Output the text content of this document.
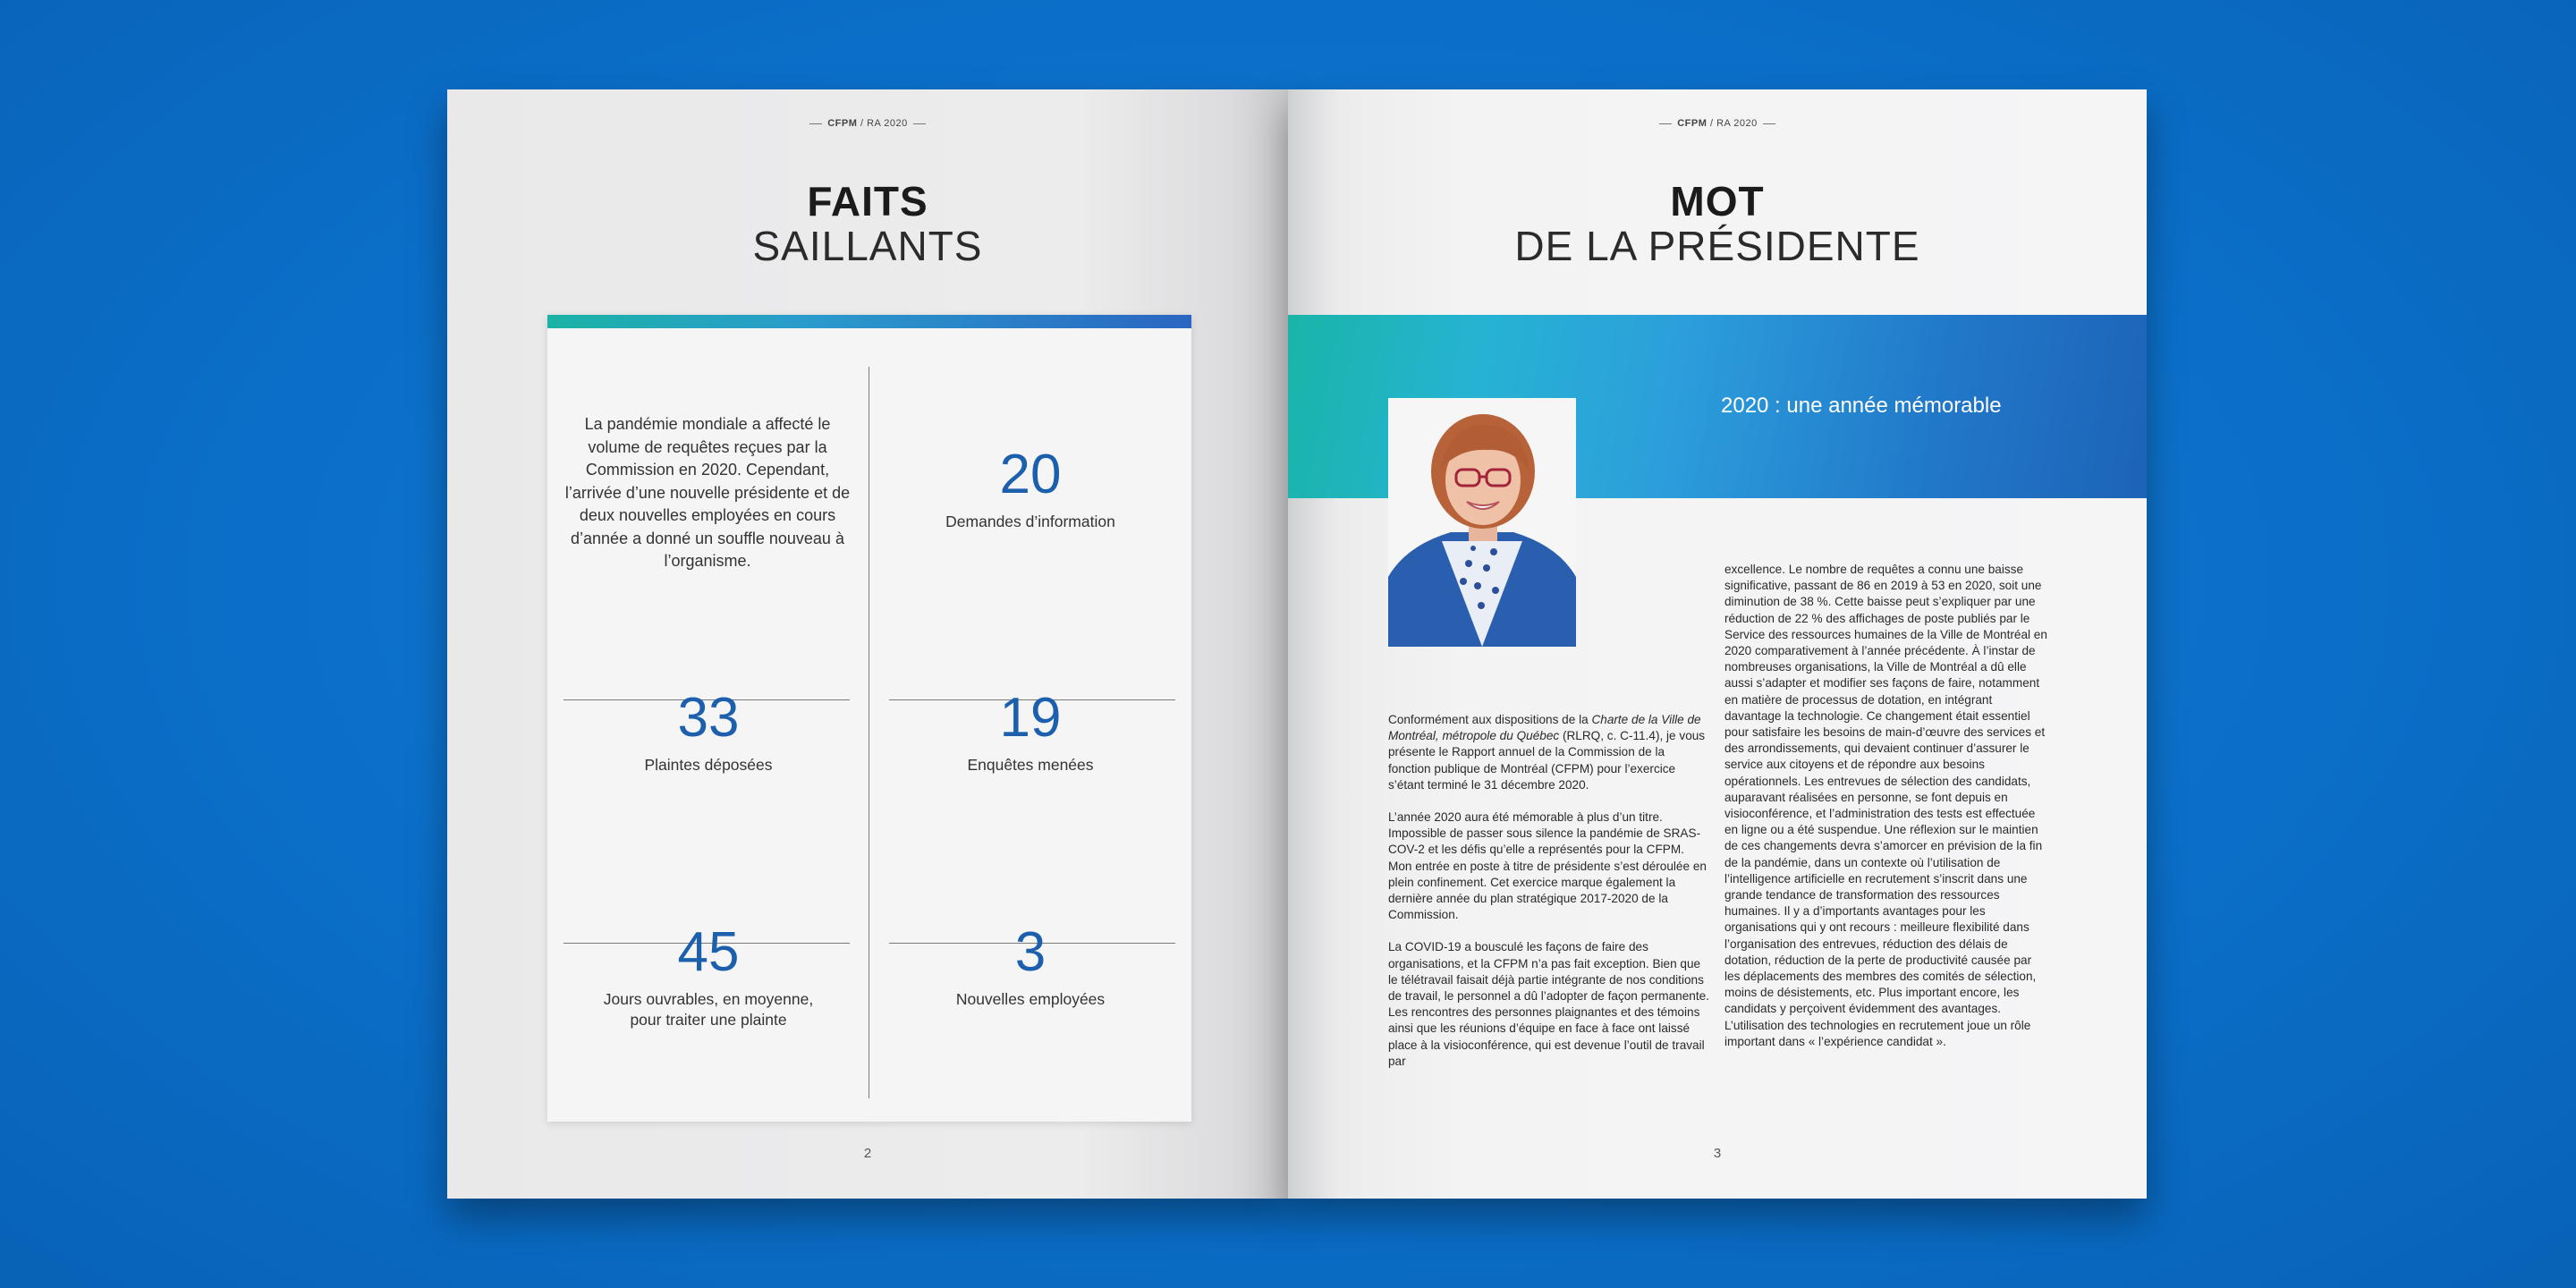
CFPM / RA 2020
FAITS
SAILLANTS
La pandémie mondiale a affecté le volume de requêtes reçues par la Commission en 2020. Cependant, l’arrivée d’une nouvelle présidente et de deux nouvelles employées en cours d’année a donné un souffle nouveau à l’organisme.
20
Demandes d’information
33
Plaintes déposées
19
Enquêtes menées
45
Jours ouvrables, en moyenne, pour traiter une plainte
3
Nouvelles employées
2
CFPM / RA 2020
MOT
DE LA PRÉSIDENTE
2020 : une année mémorable

Conformément aux dispositions de la Charte de la Ville de Montréal, métropole du Québec (RLRQ, c. C-11.4), je vous présente le Rapport annuel de la Commission de la fonction publique de Montréal (CFPM) pour l’exercice s’étant terminé le 31 décembre 2020.

L’année 2020 aura été mémorable à plus d’un titre. Impossible de passer sous silence la pandémie de SRAS-COV-2 et les défis qu’elle a représentés pour la CFPM. Mon entrée en poste à titre de présidente s’est déroulée en plein confinement. Cet exercice marque également la dernière année du plan stratégique 2017-2020 de la Commission.

La COVID-19 a bousculé les façons de faire des organisations, et la CFPM n’a pas fait exception. Bien que le télétravail faisait déjà partie intégrante de nos conditions de travail, le personnel a dû l’adopter de façon permanente. Les rencontres des personnes plaignantes et des témoins ainsi que les réunions d’équipe en face à face ont laissé place à la visioconférence, qui est devenue l’outil de travail par

excellence. Le nombre de requêtes a connu une baisse significative, passant de 86 en 2019 à 53 en 2020, soit une diminution de 38 %. Cette baisse peut s’expliquer par une réduction de 22 % des affichages de poste publiés par le Service des ressources humaines de la Ville de Montréal en 2020 comparativement à l’année précédente. À l’instar de nombreuses organisations, la Ville de Montréal a dû elle aussi s’adapter et modifier ses façons de faire, notamment en matière de processus de dotation, en intégrant davantage la technologie. Ce changement était essentiel pour satisfaire les besoins de main-d’œuvre des services et des arrondissements, qui devaient continuer d’assurer le service aux citoyens et de répondre aux besoins opérationnels. Les entrevues de sélection des candidats, auparavant réalisées en personne, se font depuis en visioconférence, et l’administration des tests est effectuée en ligne ou a été suspendue. Une réflexion sur le maintien de ces changements devra s’amorcer en prévision de la fin de la pandémie, dans un contexte où l’utilisation de l’intelligence artificielle en recrutement s’inscrit dans une grande tendance de transformation des ressources humaines. Il y a d’importants avantages pour les organisations qui y ont recours : meilleure flexibilité dans l’organisation des entrevues, réduction des délais de dotation, réduction de la perte de productivité causée par les déplacements des membres des comités de sélection, moins de désistements, etc. Plus important encore, les candidats y perçoivent évidemment des avantages. L’utilisation des technologies en recrutement joue un rôle important dans « l’expérience candidat ».

3
